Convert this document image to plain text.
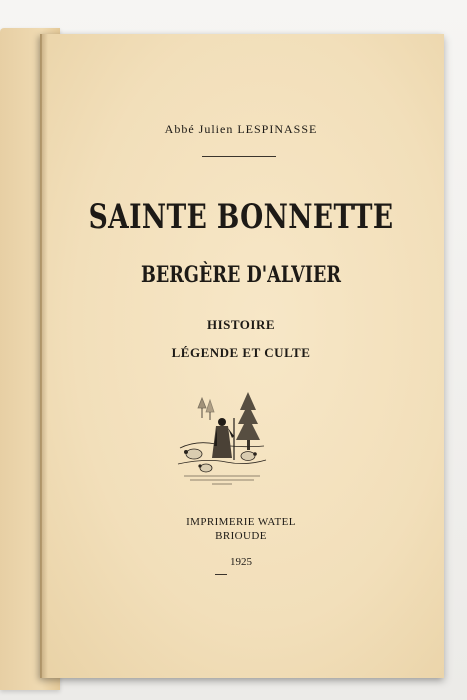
Abbé Julien LESPINASSE
SAINTE BONNETTE
BERGÈRE D'ALVIER
HISTOIRE
LÉGENDE ET CULTE
IMPRIMERIE WATEL
BRIOUDE
1925
